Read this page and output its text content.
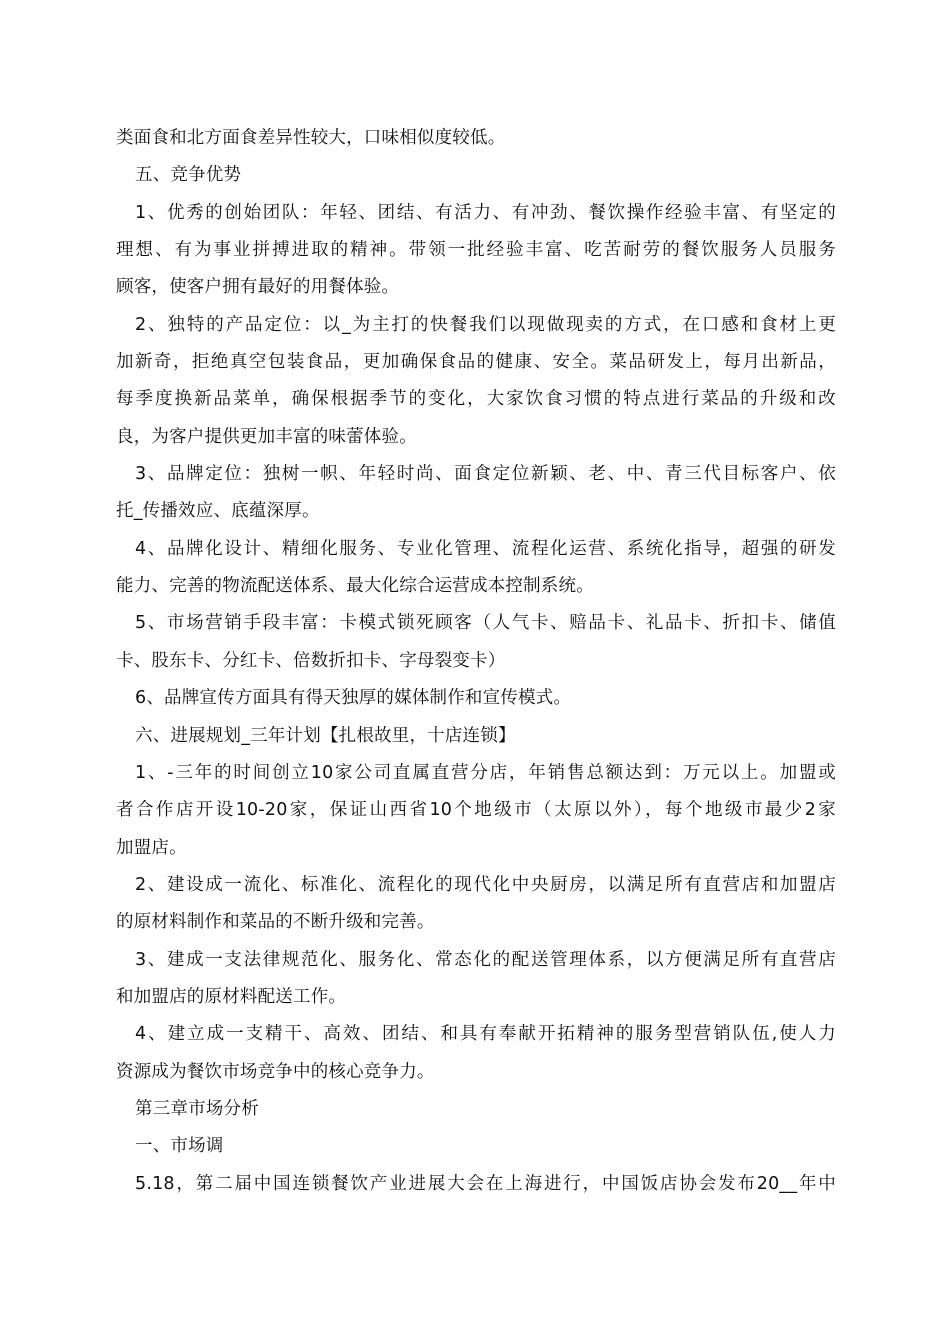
类面食和北方面食差异性较大，口味相似度较低。
五、竞争优势
1、优秀的创始团队：年轻、团结、有活力、有冲劲、餐饮操作经验丰富、有坚定的
理想、有为事业拼搏进取的精神。带领一批经验丰富、吃苦耐劳的餐饮服务人员服务
顾客，使客户拥有最好的用餐体验。
2、独特的产品定位：以_为主打的快餐我们以现做现卖的方式，在口感和食材上更
加新奇，拒绝真空包装食品，更加确保食品的健康、安全。菜品研发上，每月出新品，
每季度换新品菜单，确保根据季节的变化，大家饮食习惯的特点进行菜品的升级和改
良，为客户提供更加丰富的味蕾体验。
3、品牌定位：独树一帜、年轻时尚、面食定位新颖、老、中、青三代目标客户、依
托_传播效应、底蕴深厚。
4、品牌化设计、精细化服务、专业化管理、流程化运营、系统化指导，超强的研发
能力、完善的物流配送体系、最大化综合运营成本控制系统。
5、市场营销手段丰富：卡模式锁死顾客（人气卡、赔品卡、礼品卡、折扣卡、储值
卡、股东卡、分红卡、倍数折扣卡、字母裂变卡）
6、品牌宣传方面具有得天独厚的媒体制作和宣传模式。
六、进展规划_三年计划【扎根故里，十店连锁】
1、-三年的时间创立10家公司直属直营分店，年销售总额达到：万元以上。加盟或
者合作店开设10-20家，保证山西省10个地级市（太原以外），每个地级市最少2家
加盟店。
2、建设成一流化、标准化、流程化的现代化中央厨房，以满足所有直营店和加盟店
的原材料制作和菜品的不断升级和完善。
3、建成一支法律规范化、服务化、常态化的配送管理体系，以方便满足所有直营店
和加盟店的原材料配送工作。
4、建立成一支精干、高效、团结、和具有奉献开拓精神的服务型营销队伍,使人力
资源成为餐饮市场竞争中的核心竞争力。
第三章市场分析
一、市场调
5.18，第二届中国连锁餐饮产业进展大会在上海进行，中国饭店协会发布20__年中
